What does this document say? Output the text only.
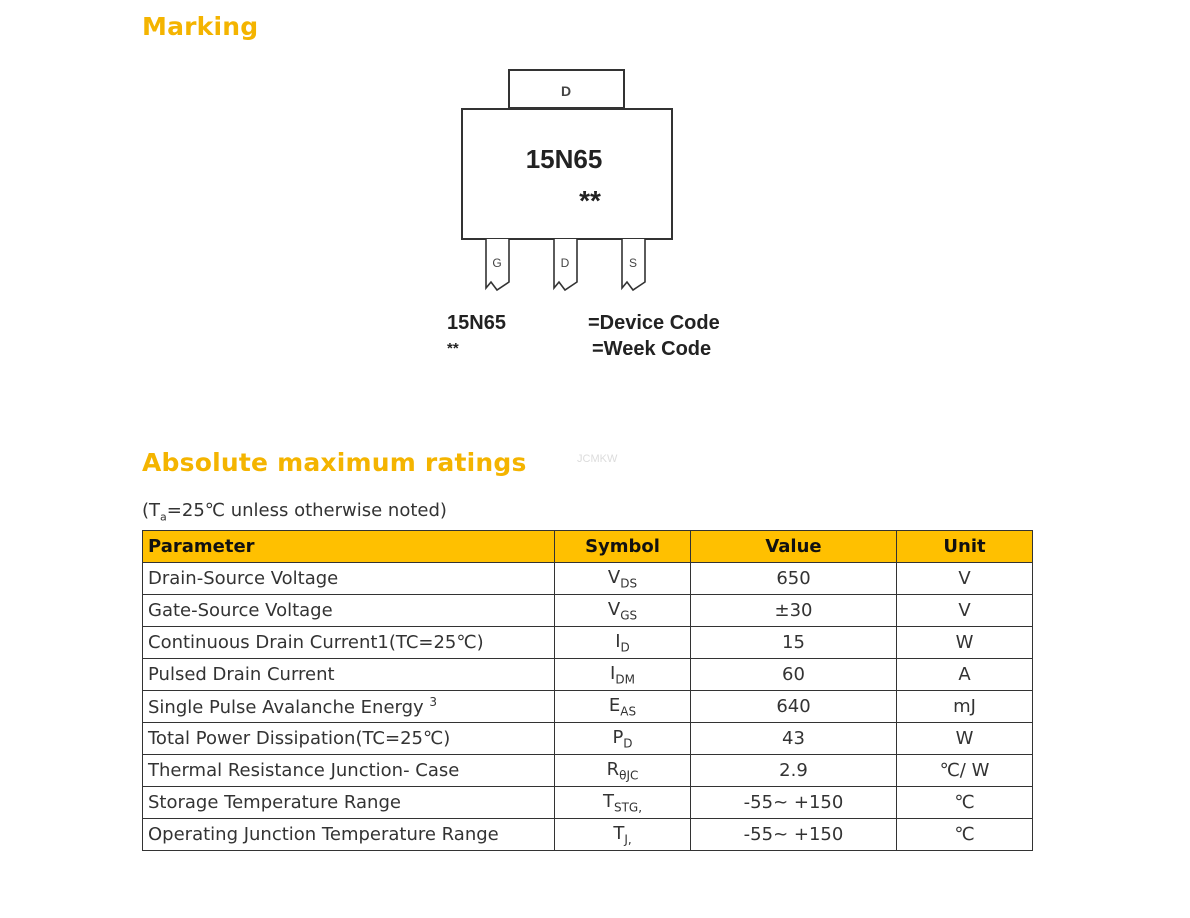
Marking
D
15N65
**
G	D	S
15N65	=Device Code
**	=Week Code
Absolute maximum ratings	JCMKW
($T_a=25℃$ unless otherwise noted)
Parameter	Symbol	Value	Unit
Drain-Source Voltage	$V_{DS}$	650	V
Gate-Source Voltage	$V_{GS}$	±30	V
Continuous Drain Current1(TC=25℃)	$I_D$	15	W
Pulsed Drain Current	$I_{DM}$	60	A
Single Pulse Avalanche Energy $^3$	$E_{AS}$	640	mJ
Total Power Dissipation(TC=25℃)	$P_D$	43	W
Thermal Resistance Junction- Case	$R_{\theta JC}$	2.9	℃/ W
Storage Temperature Range	$T_{STG,}$	-55~ +150	℃
Operating Junction Temperature Range	$T_{J,}$	-55~ +150	℃
